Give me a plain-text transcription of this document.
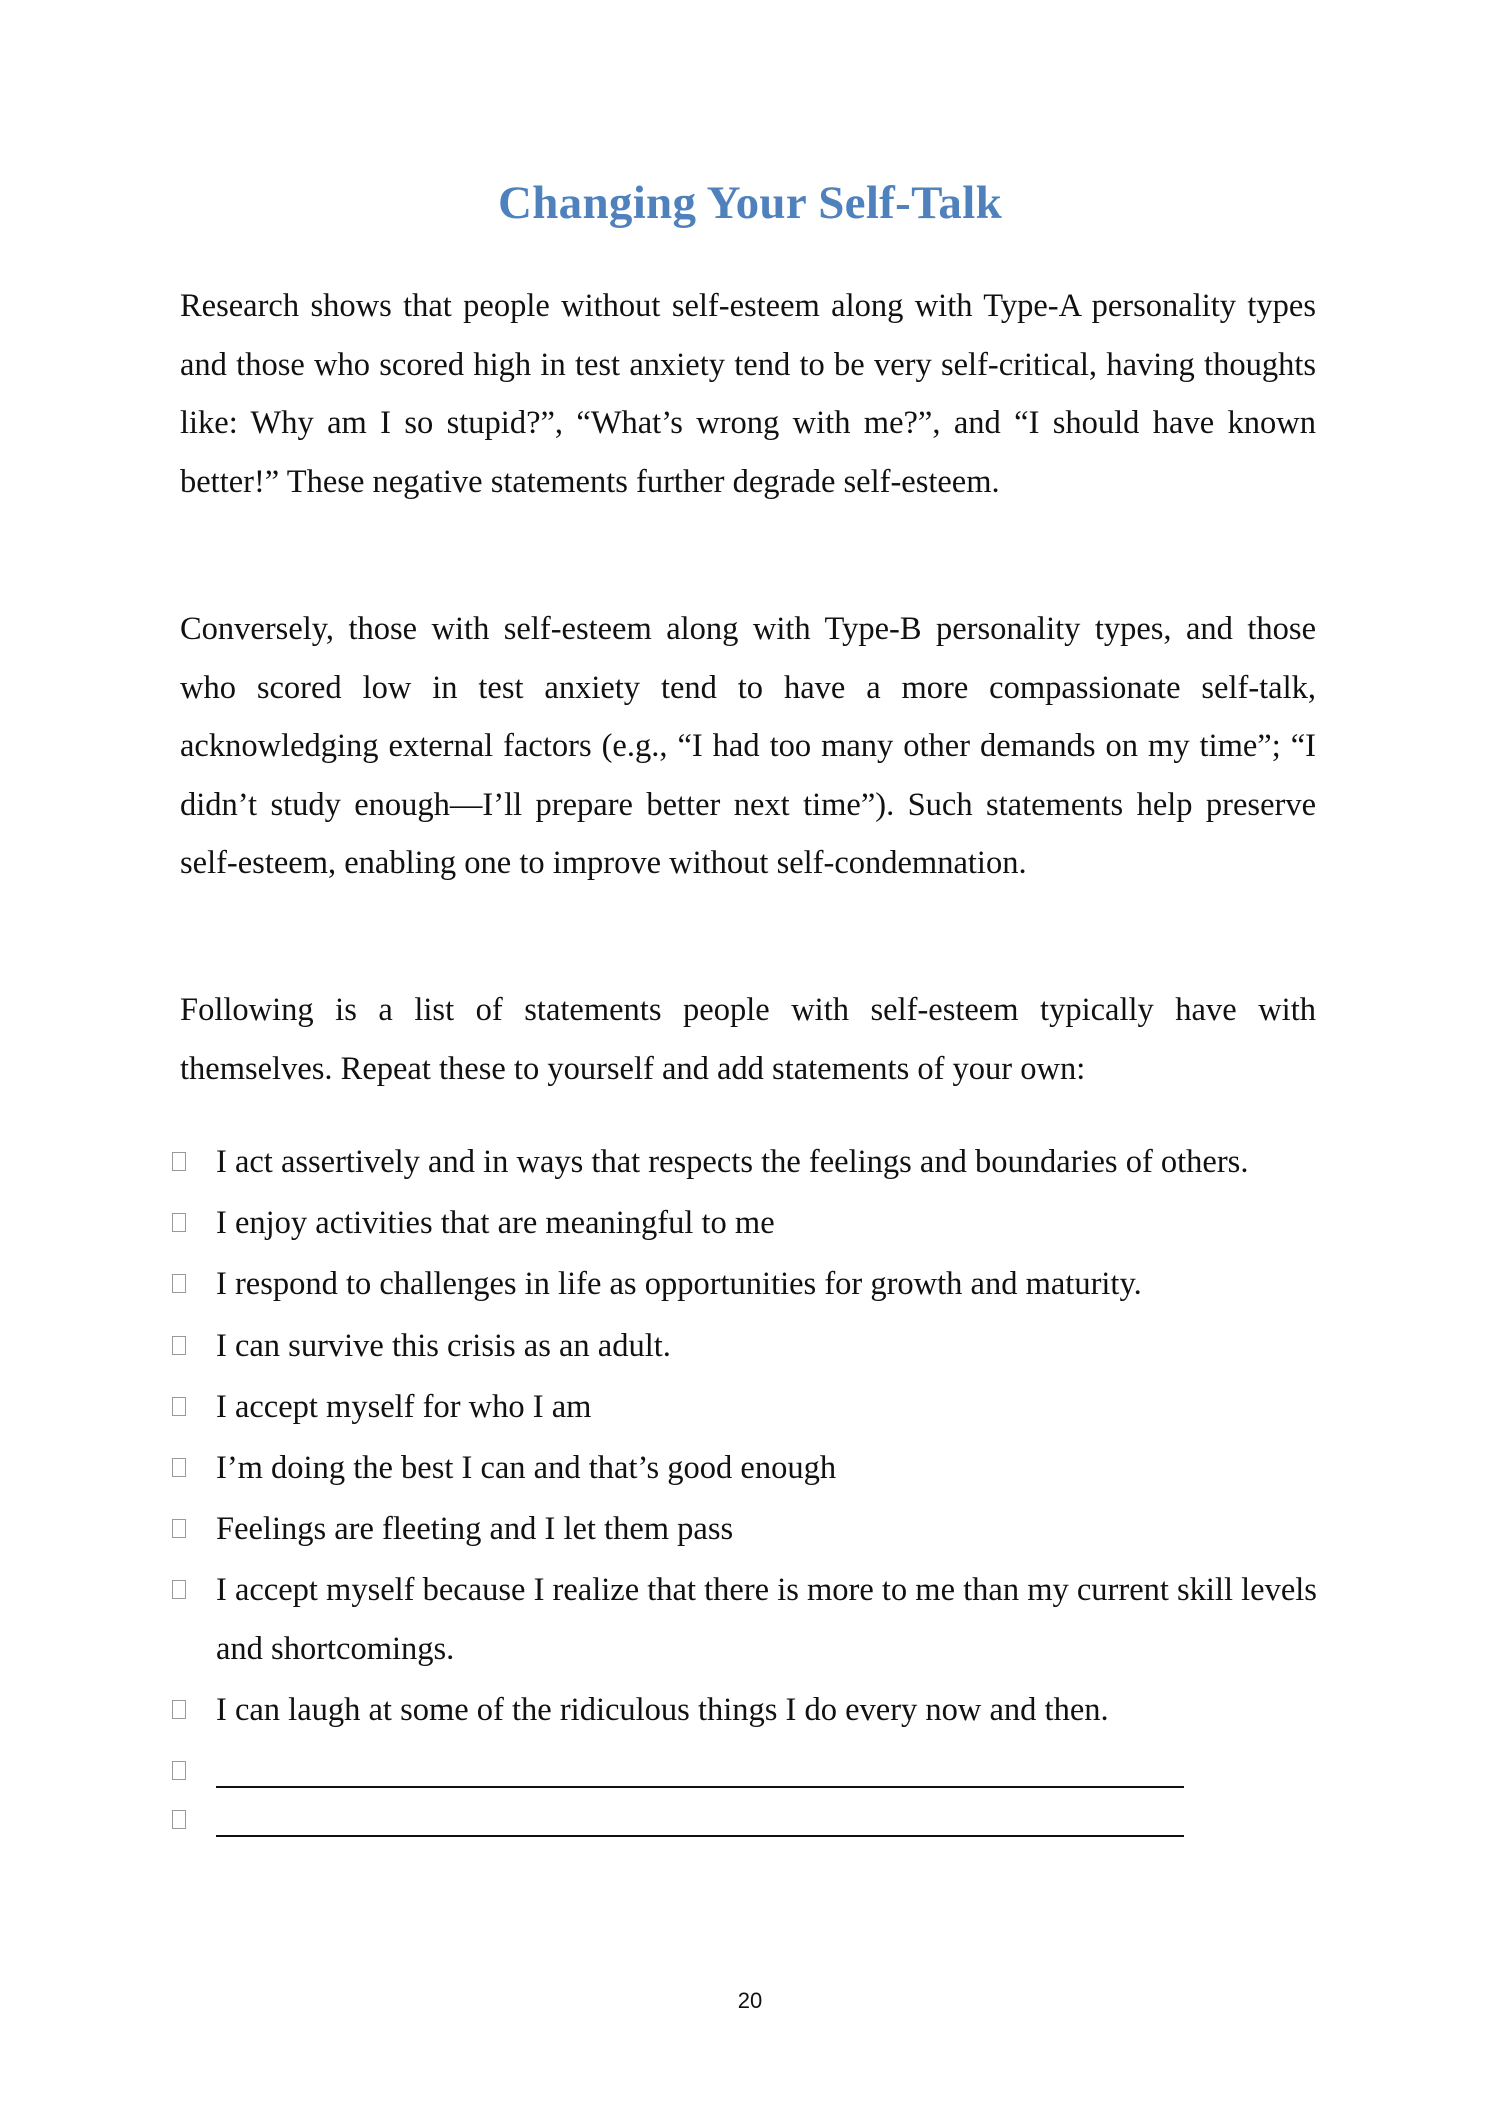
Changing Your Self-Talk

Research shows that people without self-esteem along with Type-A personality types and those who scored high in test anxiety tend to be very self-critical, having thoughts like: Why am I so stupid?”, “What’s wrong with me?”, and “I should have known better!” These negative statements further degrade self-esteem.

Conversely, those with self-esteem along with Type-B personality types, and those who scored low in test anxiety tend to have a more compassionate self-talk, acknowledging external factors (e.g., “I had too many other demands on my time”; “I didn’t study enough—I’ll prepare better next time”). Such statements help preserve self-esteem, enabling one to improve without self-condemnation.

Following is a list of statements people with self-esteem typically have with themselves. Repeat these to yourself and add statements of your own:

I act assertively and in ways that respects the feelings and boundaries of others.
I enjoy activities that are meaningful to me
I respond to challenges in life as opportunities for growth and maturity.
I can survive this crisis as an adult.
I accept myself for who I am
I’m doing the best I can and that’s good enough
Feelings are fleeting and I let them pass
I accept myself because I realize that there is more to me than my current skill levels and shortcomings.
I can laugh at some of the ridiculous things I do every now and then.
20
